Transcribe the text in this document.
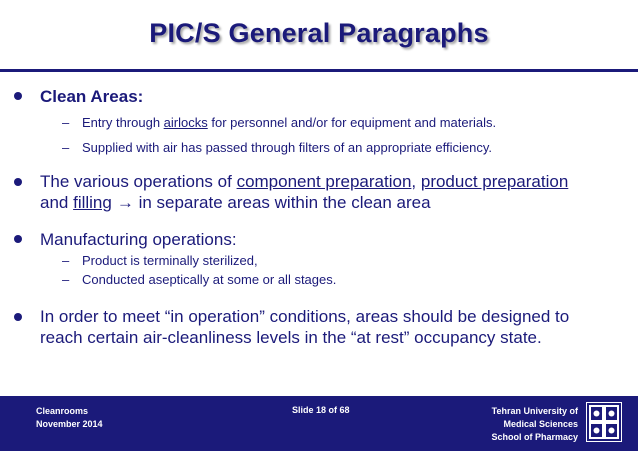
PIC/S General Paragraphs
Clean Areas:
– Entry through airlocks for personnel and/or for equipment and materials.
– Supplied with air has passed through filters of an appropriate efficiency.
The various operations of component preparation, product preparation
and filling → in separate areas within the clean area
Manufacturing operations:
– Product is terminally sterilized,
– Conducted aseptically at some or all stages.
In order to meet “in operation” conditions, areas should be designed to
reach certain air-cleanliness levels in the “at rest” occupancy state.
Cleanrooms
November 2014
Slide 18 of 68	Tehran University of
Medical Sciences
School of Pharmacy
